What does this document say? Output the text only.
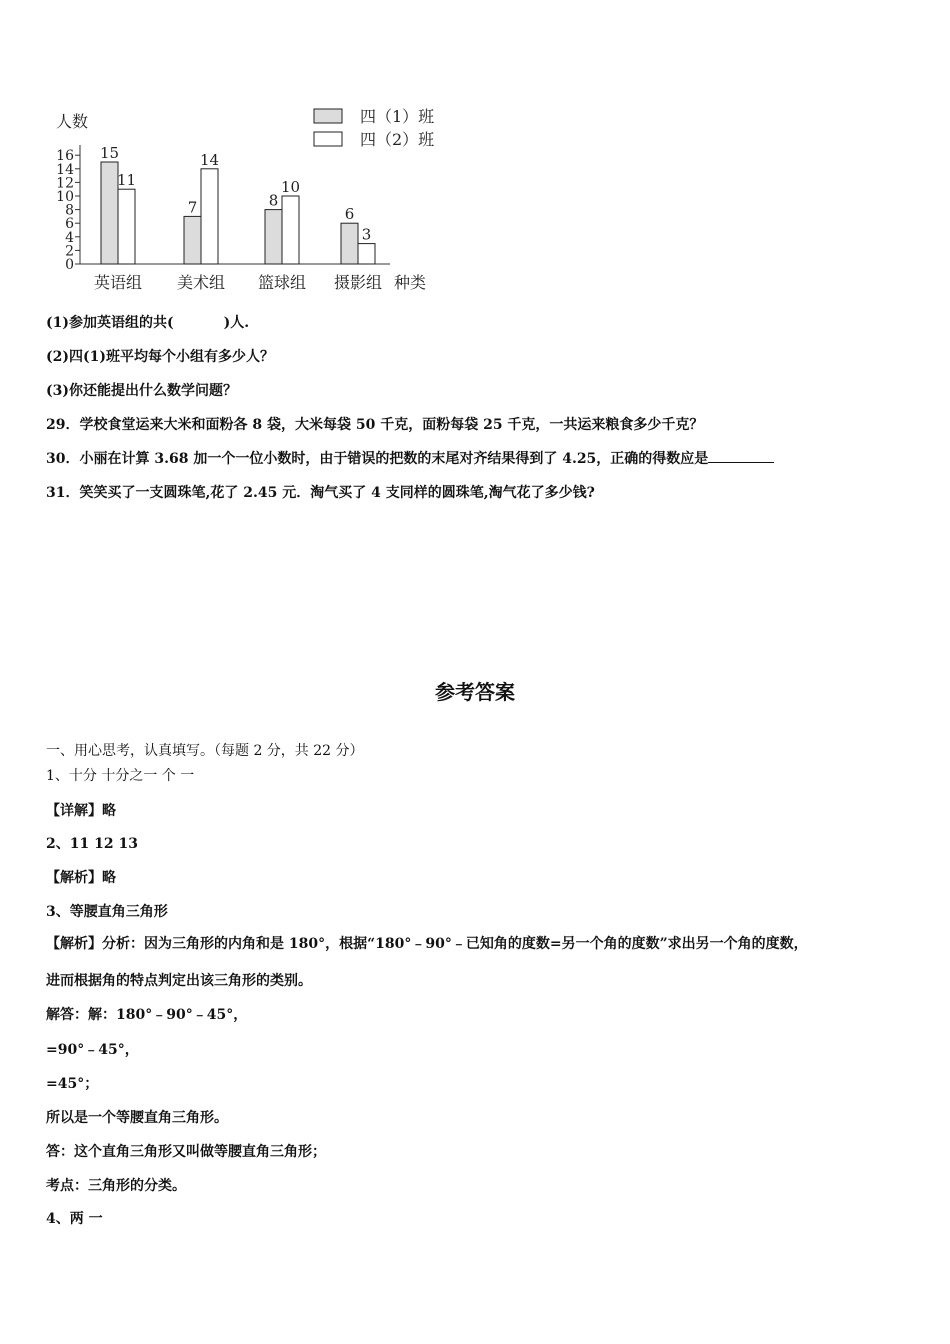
人数	四（1）班
四（2）班
0
2
4
6
8
10
12
14
16 15
11
7
14
8
10
6
3
英语组 美术组 篮球组 摄影组 种类
(1)参加英语组的共(	)人.
(2)四(1)班平均每个小组有多少人？
(3)你还能提出什么数学问题？
29．学校食堂运来大米和面粉各 8 袋，大米每袋 50 千克，面粉每袋 25 千克，一共运来粮食多少千克？
30．小丽在计算 3.68 加一个一位小数时，由于错误的把数的末尾对齐结果得到了 4.25，正确的得数应是
31．笑笑买了一支圆珠笔,花了 2.45 元．淘气买了 4 支同样的圆珠笔,淘气花了多少钱?
参考答案
一、用心思考，认真填写。（每题 2 分，共 22 分）
1、十分 十分之一 个 一
【详解】略
2、11 12 13
【解析】略
3、等腰直角三角形
【解析】分析：因为三角形的内角和是 180°，根据“180°﹣90°﹣已知角的度数=另一个角的度数”求出另一个角的度数，
进而根据角的特点判定出该三角形的类别。
解答：解：180°﹣90°﹣45°，
=90°﹣45°，
=45°；
所以是一个等腰直角三角形。
答：这个直角三角形又叫做等腰直角三角形；
考点：三角形的分类。
4、两 一
